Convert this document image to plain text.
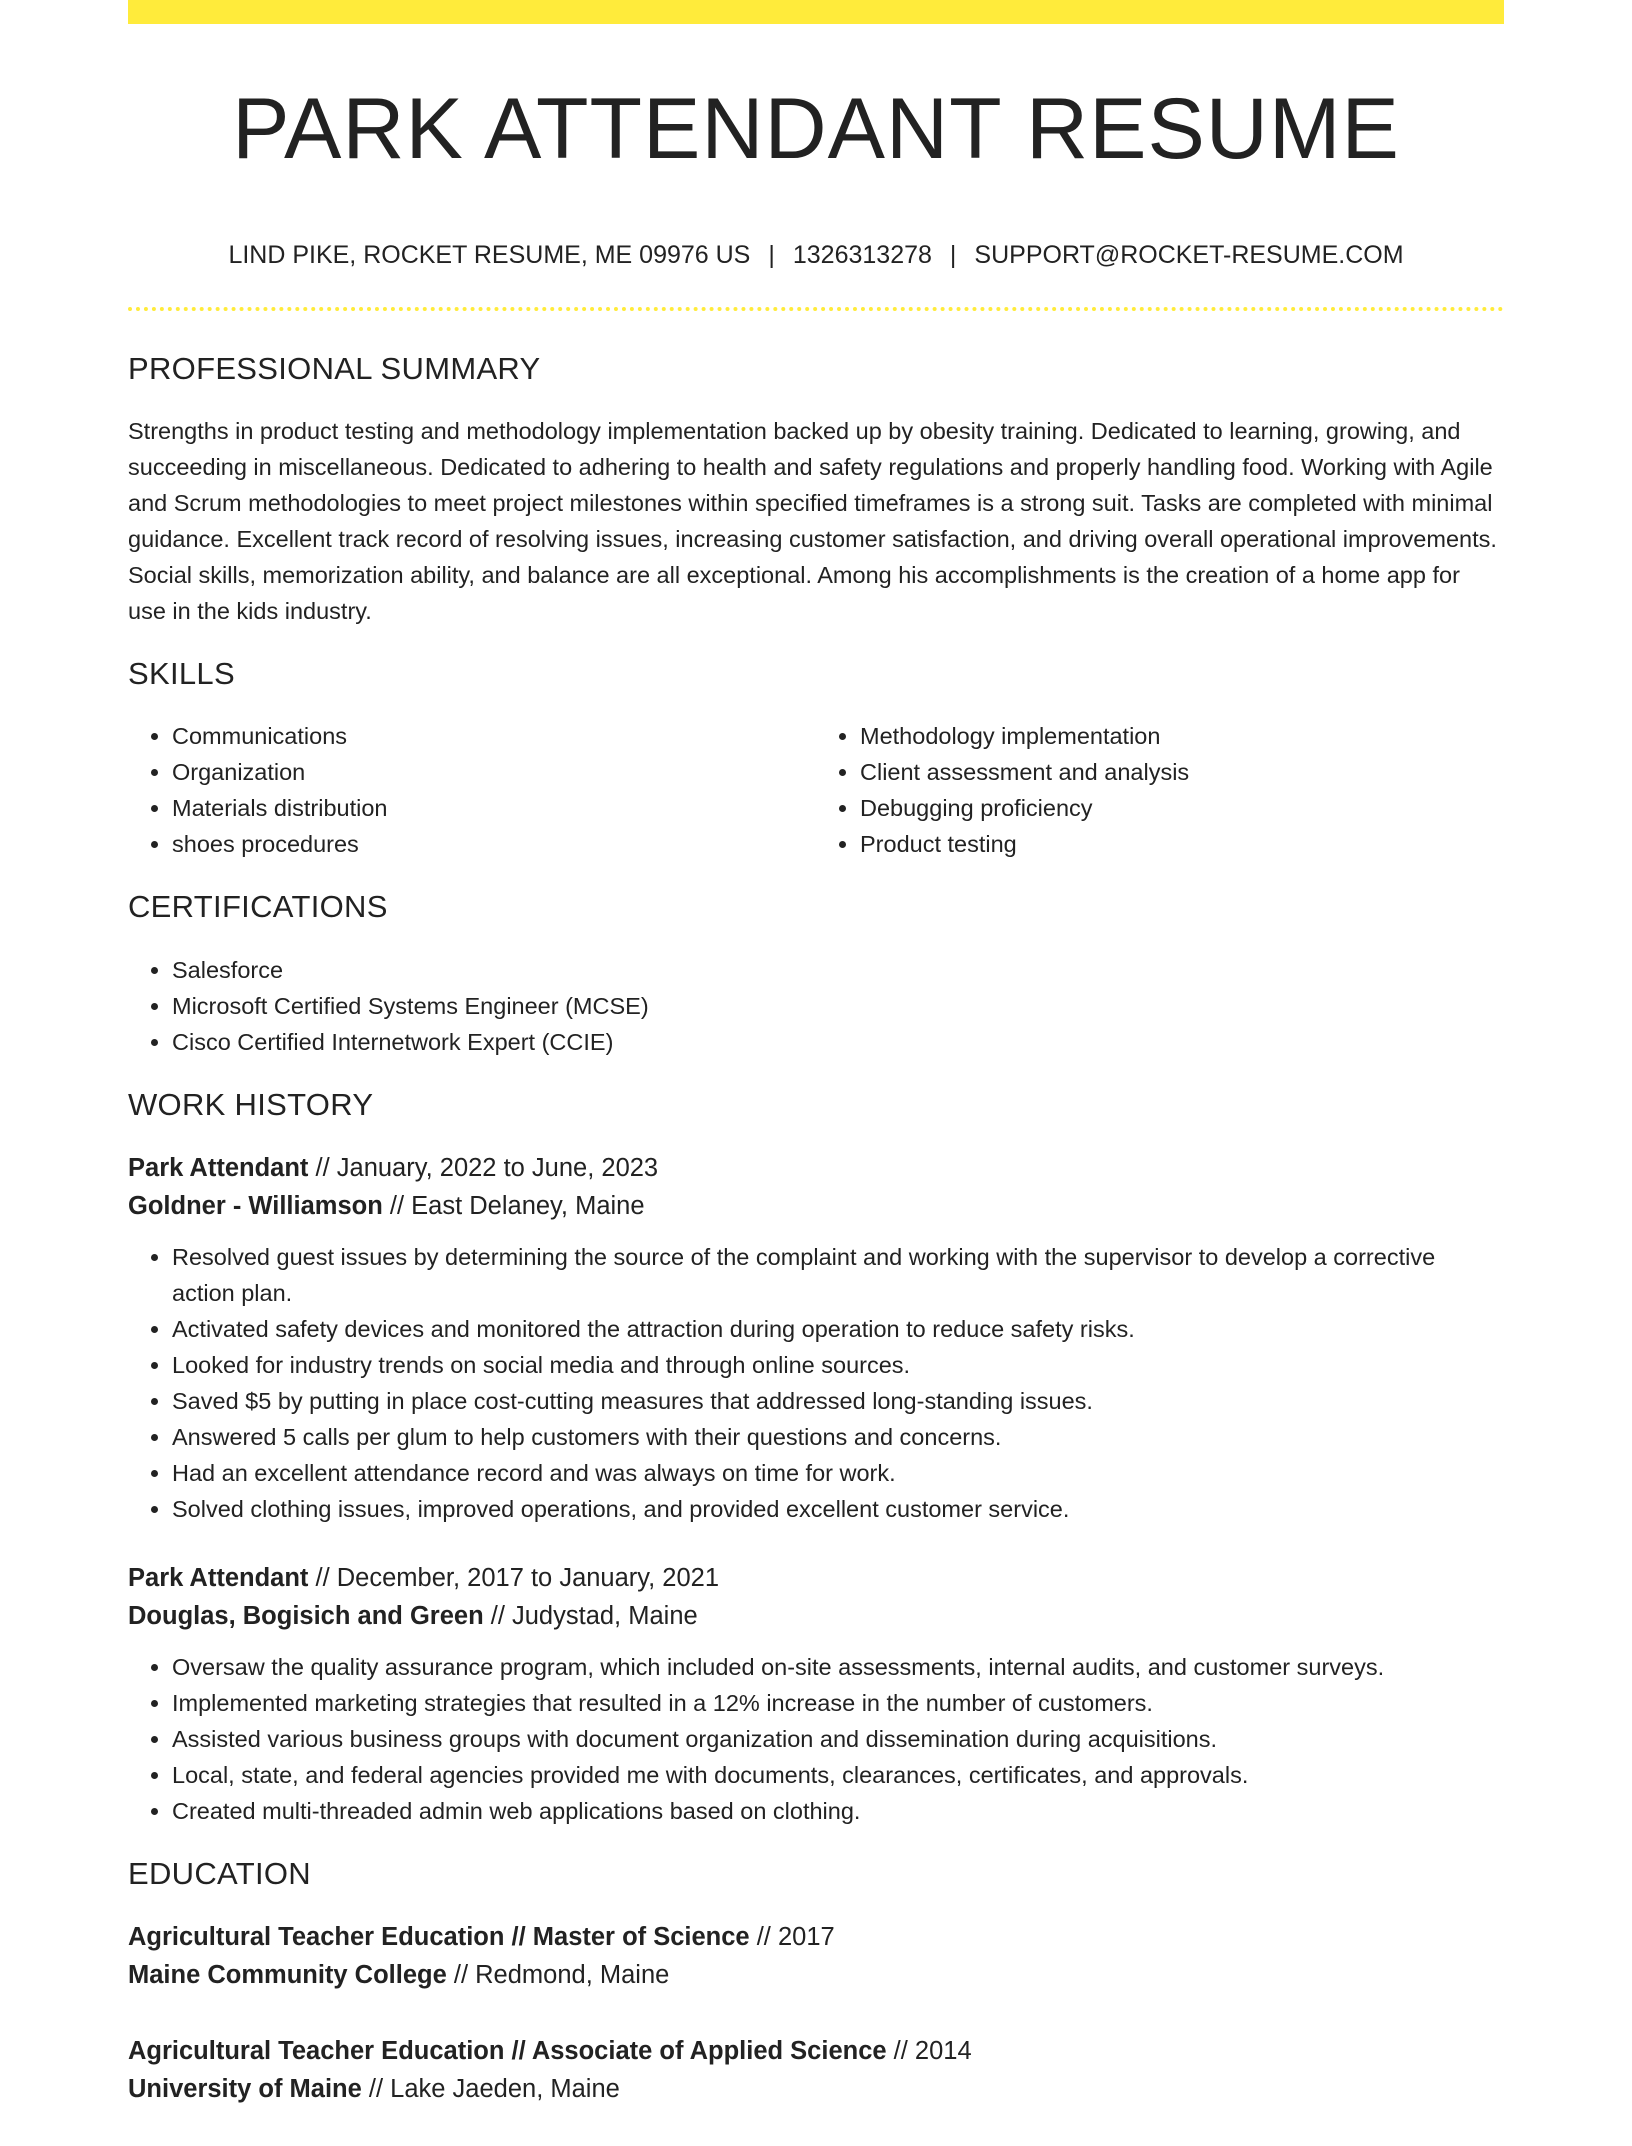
PARK ATTENDANT RESUME
LIND PIKE, ROCKET RESUME, ME 09976 US | 1326313278 | SUPPORT@ROCKET-RESUME.COM
PROFESSIONAL SUMMARY

Strengths in product testing and methodology implementation backed up by obesity training. Dedicated to learning, growing, and succeeding in miscellaneous. Dedicated to adhering to health and safety regulations and properly handling food. Working with Agile and Scrum methodologies to meet project milestones within specified timeframes is a strong suit. Tasks are completed with minimal guidance. Excellent track record of resolving issues, increasing customer satisfaction, and driving overall operational improvements. Social skills, memorization ability, and balance are all exceptional. Among his accomplishments is the creation of a home app for use in the kids industry.

SKILLS
• Communications
• Organization
• Materials distribution
• shoes procedures
• Methodology implementation
• Client assessment and analysis
• Debugging proficiency
• Product testing
CERTIFICATIONS
• Salesforce
• Microsoft Certified Systems Engineer (MCSE)
• Cisco Certified Internetwork Expert (CCIE)
WORK HISTORY

Park Attendant // January, 2022 to June, 2023

Goldner - Williamson // East Delaney, Maine

• Resolved guest issues by determining the source of the complaint and working with the supervisor to develop a corrective action plan.
• Activated safety devices and monitored the attraction during operation to reduce safety risks.
• Looked for industry trends on social media and through online sources.
• Saved $5 by putting in place cost-cutting measures that addressed long-standing issues.
• Answered 5 calls per glum to help customers with their questions and concerns.
• Had an excellent attendance record and was always on time for work.
• Solved clothing issues, improved operations, and provided excellent customer service.

Park Attendant // December, 2017 to January, 2021

Douglas, Bogisich and Green // Judystad, Maine

• Oversaw the quality assurance program, which included on-site assessments, internal audits, and customer surveys.
• Implemented marketing strategies that resulted in a 12% increase in the number of customers.
• Assisted various business groups with document organization and dissemination during acquisitions.
• Local, state, and federal agencies provided me with documents, clearances, certificates, and approvals.
• Created multi-threaded admin web applications based on clothing.
EDUCATION

Agricultural Teacher Education // Master of Science // 2017

Maine Community College // Redmond, Maine

Agricultural Teacher Education // Associate of Applied Science // 2014

University of Maine // Lake Jaeden, Maine
